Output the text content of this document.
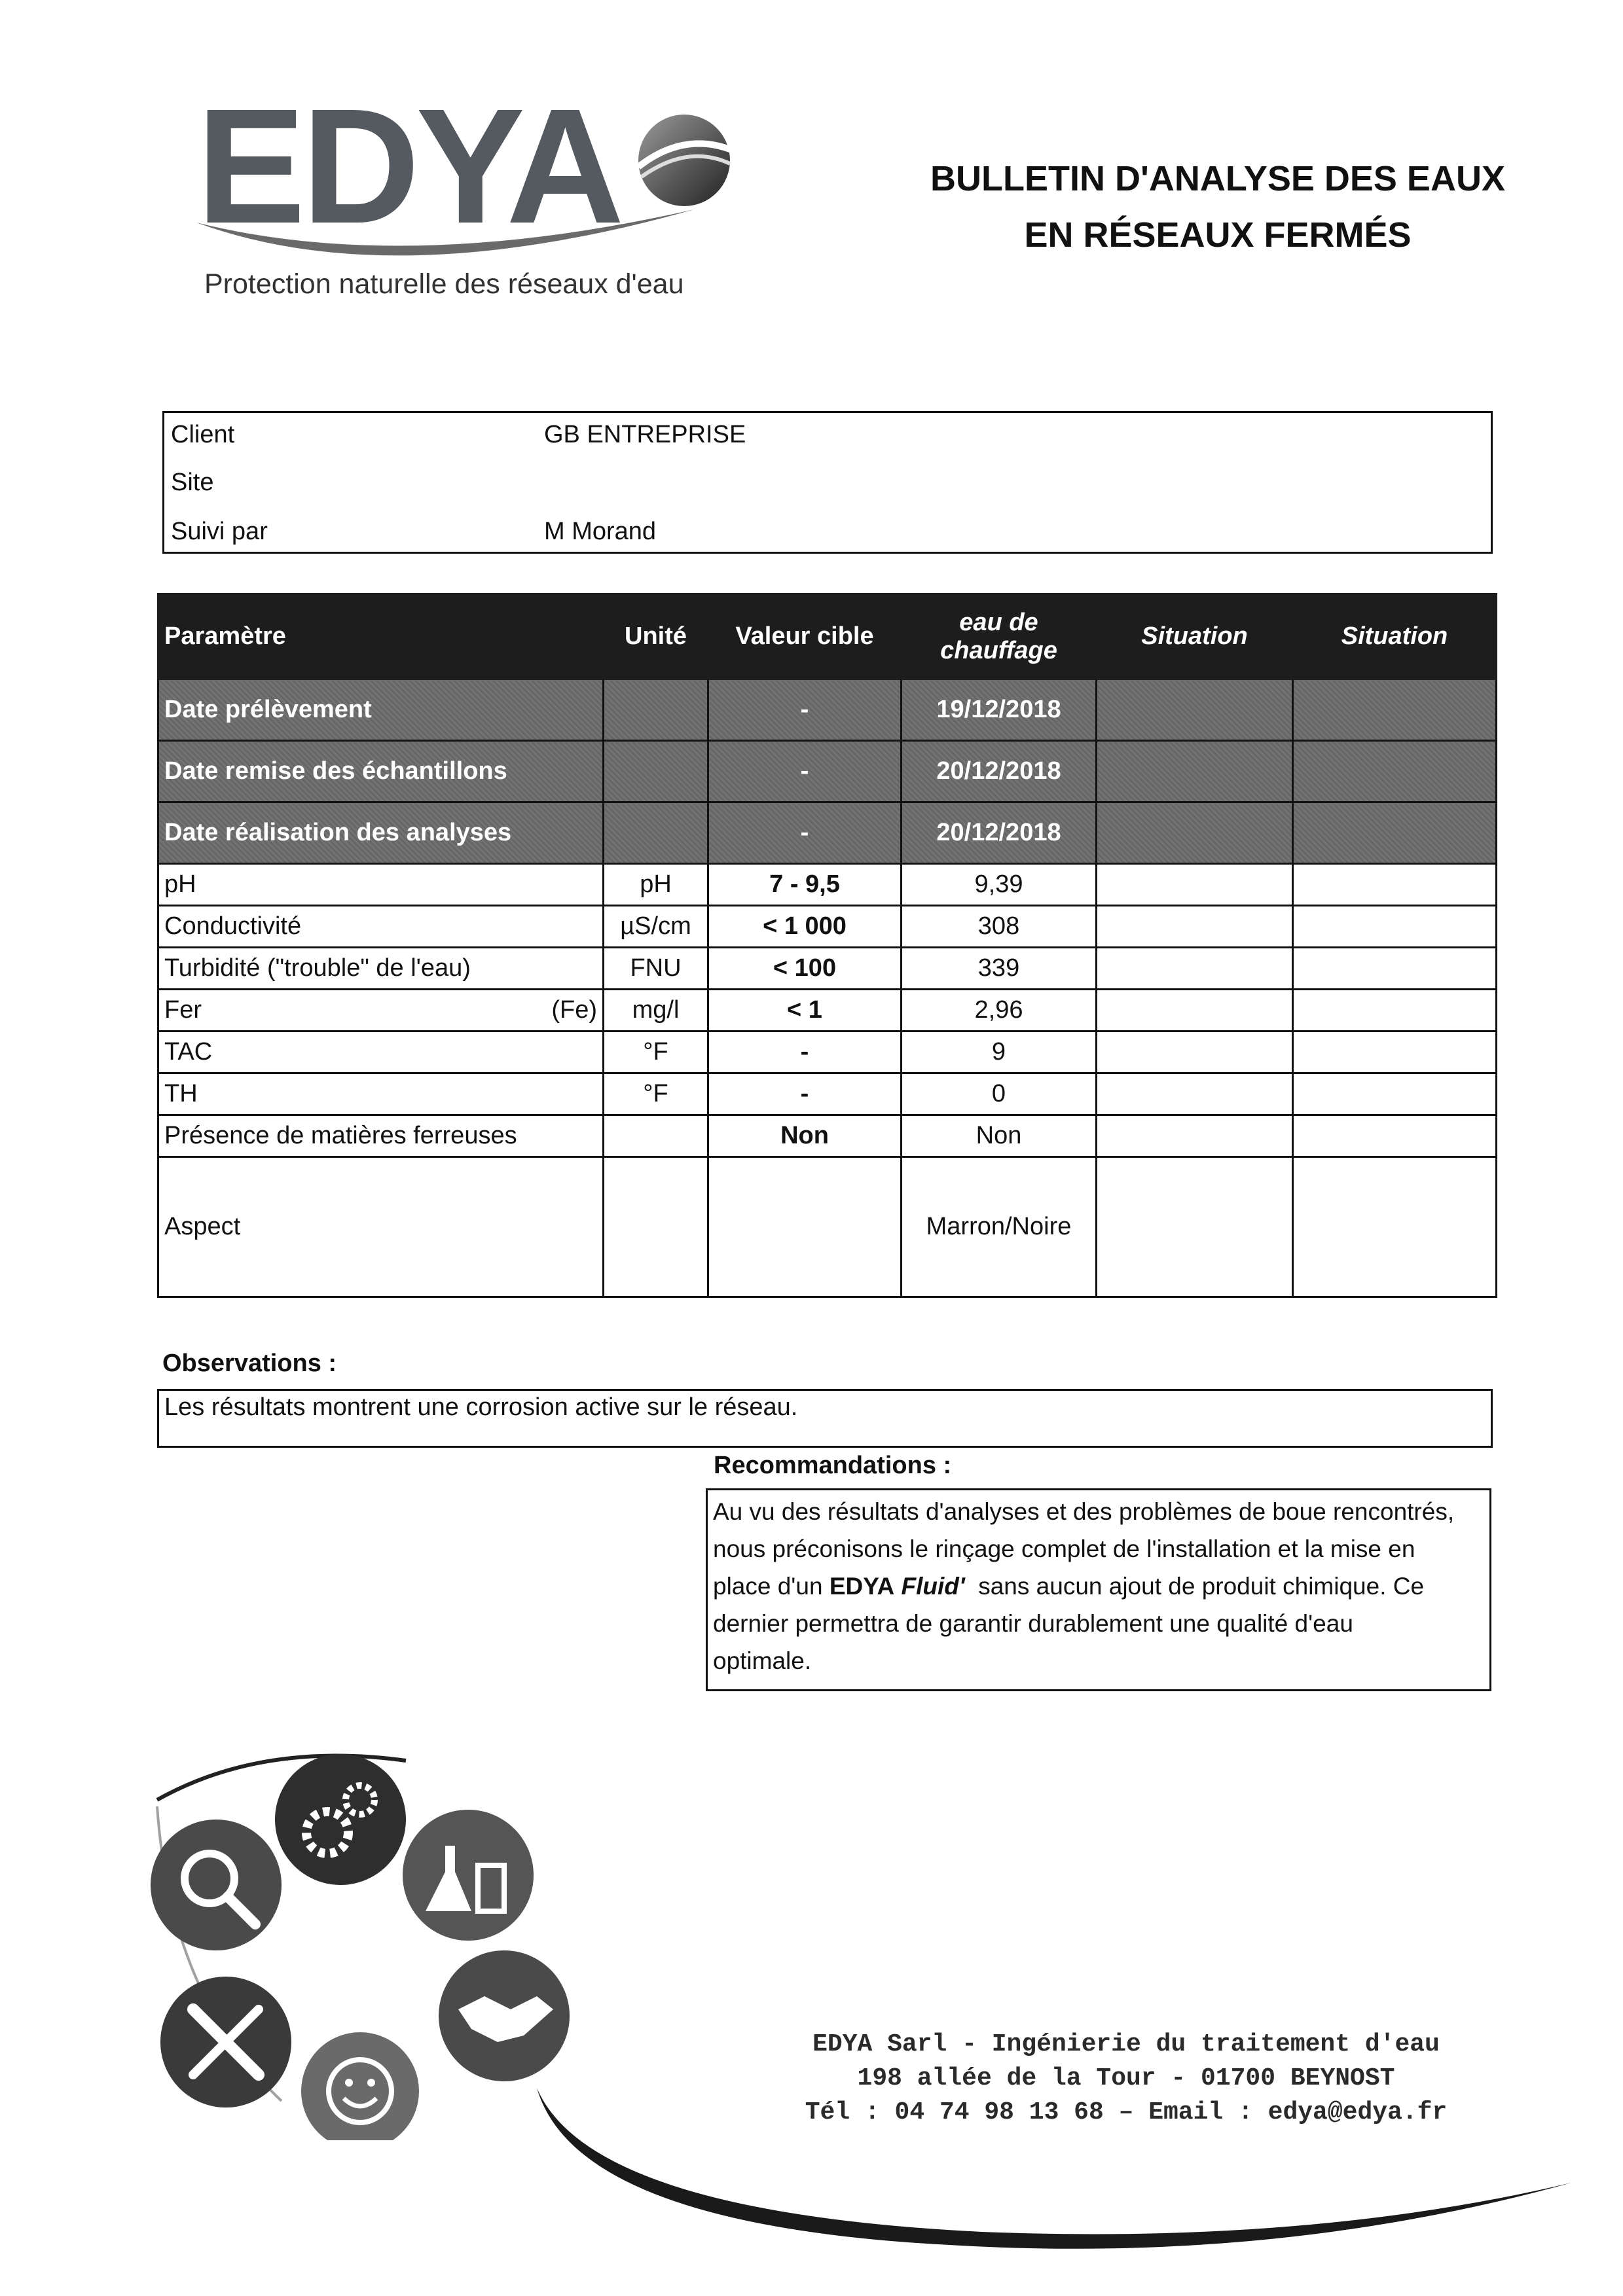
EDYA
Protection naturelle des réseaux d'eau
BULLETIN D'ANALYSE DES EAUX
EN RÉSEAUX FERMÉS
Client	GB ENTREPRISE
Site
Suivi par	M Morand
Paramètre	Unité	Valeur cible	eau de chauffage	Situation	Situation
Date prélèvement		-	19/12/2018		
Date remise des échantillons		-	20/12/2018		
Date réalisation des analyses		-	20/12/2018		
pH	pH	7 - 9,5	9,39		
Conductivité	µS/cm	< 1 000	308		
Turbidité ("trouble" de l'eau)	FNU	< 100	339		
Fer (Fe)	mg/l	< 1	2,96		
TAC	°F	-	9		
TH	°F	-	0		
Présence de matières ferreuses		Non	Non		
Aspect			Marron/Noire		
Observations :
Les résultats montrent une corrosion active sur le réseau.
Recommandations :
Au vu des résultats d'analyses et des problèmes de boue rencontrés,
nous préconisons le rinçage complet de l'installation et la mise en
place d'un EDYA Fluid'  sans aucun ajout de produit chimique. Ce
dernier permettra de garantir durablement une qualité d'eau
optimale.
EDYA Sarl - Ingénierie du traitement d'eau
198 allée de la Tour - 01700 BEYNOST
Tél : 04 74 98 13 68 – Email : edya@edya.fr
